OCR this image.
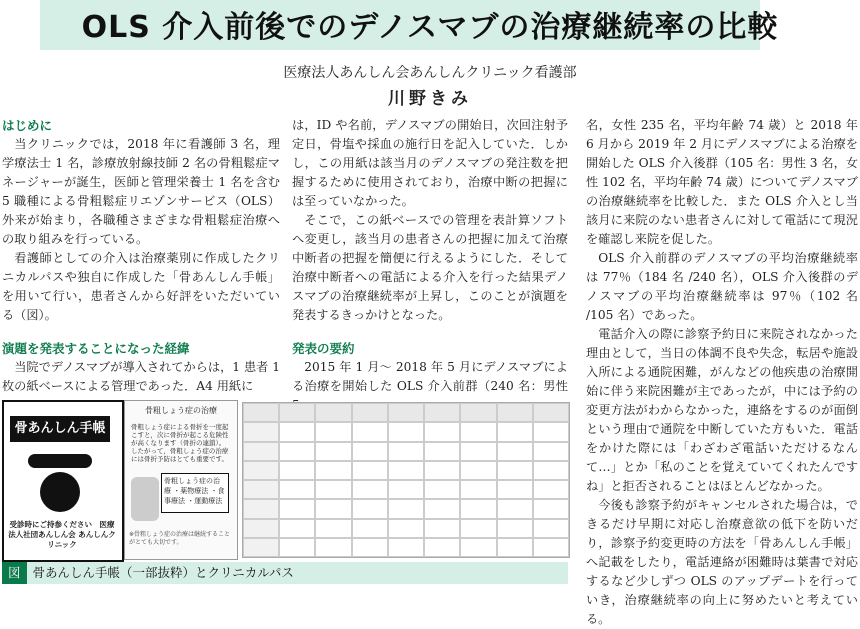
OLS 介入前後でのデノスマブの治療継続率の比較
医療法人あんしん会あんしんクリニック看護部
川野きみ
はじめに

当クリニックでは，2018 年に看護師 3 名，理学療法士 1 名，診療放射線技師 2 名の骨粗鬆症マネージャーが誕生，医師と管理栄養士 1 名を含む 5 職種による骨粗鬆症リエゾンサービス（OLS）外来が始まり，各職種さまざまな骨粗鬆症治療への取り組みを行っている。

看護師としての介入は治療薬別に作成したクリニカルパスや独自に作成した「骨あんしん手帳」を用いて行い，患者さんから好評をいただいている（図）。

演題を発表することになった経緯

当院でデノスマブが導入されてからは，1 患者 1 枚の紙ベースによる管理であった．A4 用紙に

は，ID や名前，デノスマブの開始日，次回注射予定日，骨塩や採血の施行日を記入していた．しかし，この用紙は該当月のデノスマブの発注数を把握するために使用されており，治療中断の把握には至っていなかった。

そこで，この紙ベースでの管理を表計算ソフトへ変更し，該当月の患者さんの把握に加えて治療中断者の把握を簡便に行えるようにした．そして治療中断者への電話による介入を行った結果デノスマブの治療継続率が上昇し，このことが演題を発表するきっかけとなった。

発表の要約

2015 年 1 月～ 2018 年 5 月にデノスマブによる治療を開始した OLS 介入前群（240 名：男性

名，女性 235 名，平均年齢 74 歳）と 2018 年 6 月から 2019 年 2 月にデノスマブによる治療を開始した OLS 介入後群（105 名：男性 3 名，女性 102 名，平均年齢 74 歳）についてデノスマブの治療継続率を比較した．また OLS 介入とし当該月に来院のない患者さんに対して電話にて現況を確認し来院を促した。

OLS 介入前群のデノスマブの平均治療継続率は 77％（184 名 /240 名），OLS 介入後群のデノスマブの平均治療継続率は 97％（102 名 /105 名）であった。

電話介入の際に診察予約日に来院されなかった理由として，当日の体調不良や失念，転居や施設入所による通院困難，がんなどの他疾患の治療開始に伴う来院困難が主であったが，中には予約の変更方法がわからなかった，連絡をするのが面倒という理由で通院を中断していた方もいた．電話をかけた際には「わざわざ電話いただけるなんて…」とか「私のことを覚えていてくれたんですね」と拒否されることはほとんどなかった。

今後も診察予約がキャンセルされた場合は，できるだけ早期に対応し治療意欲の低下を防いだり，診察予約変更時の方法を「骨あんしん手帳」へ記載をしたり，電話連絡が困難時は葉書で対応するなど少しずつ OLS のアップデートを行っていき，治療継続率の向上に努めたいと考えている。

骨あんしん手帳
受診時にご持参ください　医療法人社団あんしん会 あんしんクリニック
骨粗しょう症の治療
骨粗しょう症による骨折を一度起こすと，次に骨折が起こる危険性が高くなります（骨折の連鎖）。したがって，骨粗しょう症の治療には骨折予防はとても重要です。
骨粗しょう症の治療 ・薬物療法 ・食事療法 ・運動療法
※骨粗しょう症の治療は継続することがとても大切です。
図 骨あんしん手帳（一部抜粋）とクリニカルパス
